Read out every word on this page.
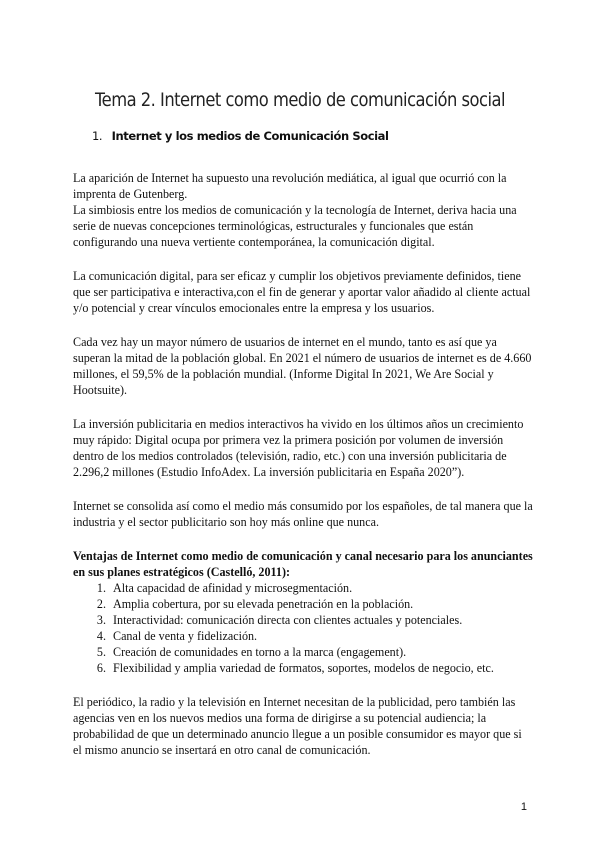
Tema 2. Internet como medio de comunicación social
1. Internet y los medios de Comunicación Social

La aparición de Internet ha supuesto una revolución mediática, al igual que ocurrió con la imprenta de Gutenberg.
La simbiosis entre los medios de comunicación y la tecnología de Internet, deriva hacia una serie de nuevas concepciones terminológicas, estructurales y funcionales que están configurando una nueva vertiente contemporánea, la comunicación digital.

La comunicación digital, para ser eficaz y cumplir los objetivos previamente definidos, tiene que ser participativa e interactiva,con el fin de generar y aportar valor añadido al cliente actual
y/o potencial y crear vínculos emocionales entre la empresa y los usuarios.

Cada vez hay un mayor número de usuarios de internet en el mundo, tanto es así que ya superan la mitad de la población global. En 2021 el número de usuarios de internet es de 4.660 millones, el 59,5% de la población mundial. (Informe Digital In 2021, We Are Social y Hootsuite).

La inversión publicitaria en medios interactivos ha vivido en los últimos años un crecimiento muy rápido: Digital ocupa por primera vez la primera posición por volumen de inversión dentro de los medios controlados (televisión, radio, etc.) con una inversión publicitaria de 2.296,2 millones (Estudio InfoAdex. La inversión publicitaria en España 2020”).

Internet se consolida así como el medio más consumido por los españoles, de tal manera que la industria y el sector publicitario son hoy más online que nunca.

Ventajas de Internet como medio de comunicación y canal necesario para los anunciantes en sus planes estratégicos (Castelló, 2011):

1. Alta capacidad de afinidad y microsegmentación.
2. Amplia cobertura, por su elevada penetración en la población.
3. Interactividad: comunicación directa con clientes actuales y potenciales.
4. Canal de venta y fidelización.
5. Creación de comunidades en torno a la marca (engagement).
6. Flexibilidad y amplia variedad de formatos, soportes, modelos de negocio, etc.

El periódico, la radio y la televisión en Internet necesitan de la publicidad, pero también las agencias ven en los nuevos medios una forma de dirigirse a su potencial audiencia; la probabilidad de que un determinado anuncio llegue a un posible consumidor es mayor que si el mismo anuncio se insertará en otro canal de comunicación.

1
